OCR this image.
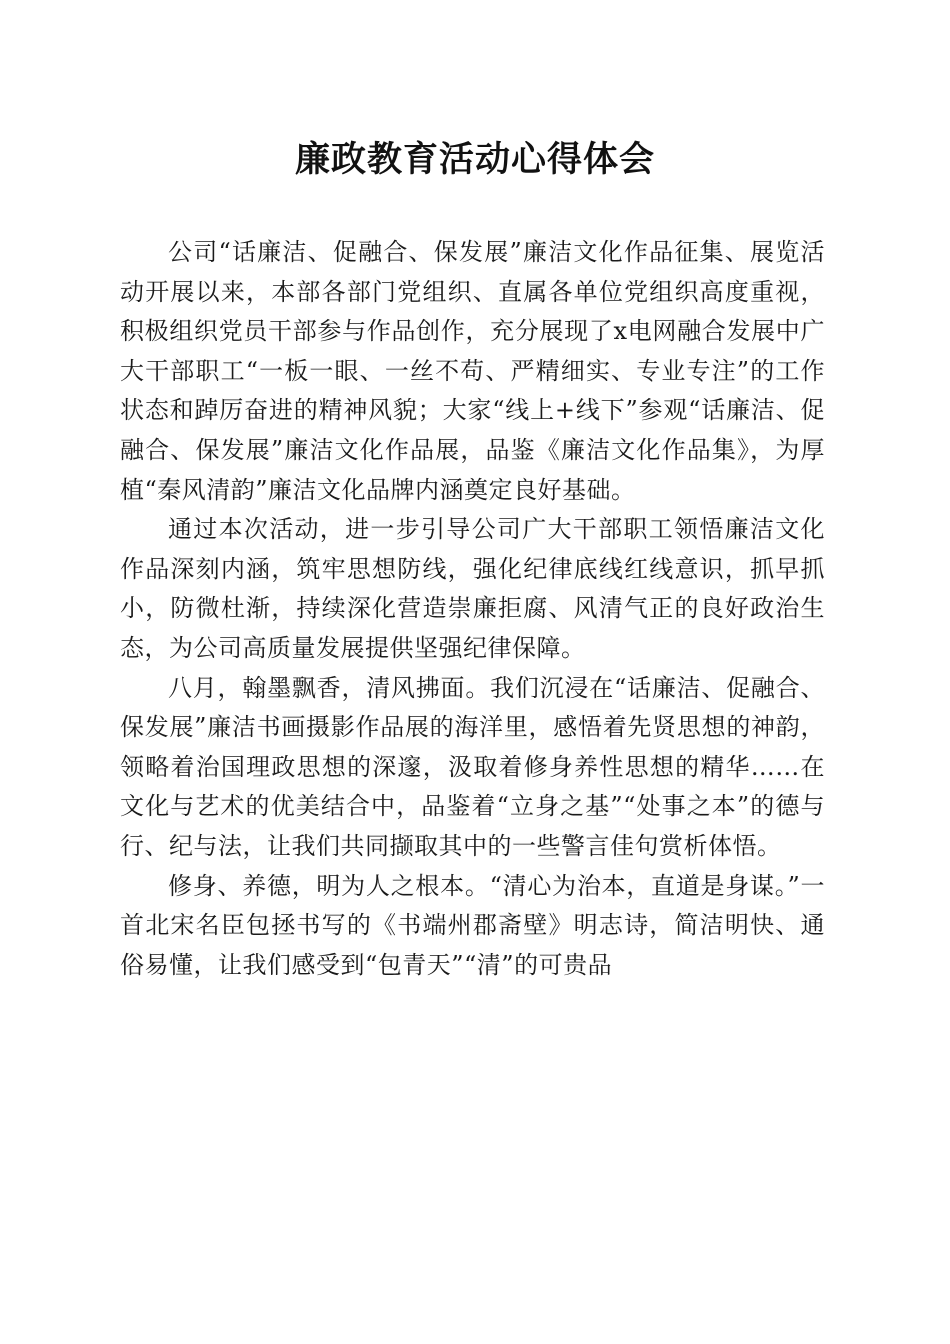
廉政教育活动心得体会

公司“话廉洁、促融合、保发展”廉洁文化作品征集、展览活动开展以来，本部各部门党组织、直属各单位党组织高度重视，积极组织党员干部参与作品创作，充分展现了x电网融合发展中广大干部职工“一板一眼、一丝不苟、严精细实、专业专注”的工作状态和踔厉奋进的精神风貌；大家“线上+线下”参观“话廉洁、促融合、保发展”廉洁文化作品展，品鉴《廉洁文化作品集》，为厚植“秦风清韵”廉洁文化品牌内涵奠定良好基础。

通过本次活动，进一步引导公司广大干部职工领悟廉洁文化作品深刻内涵，筑牢思想防线，强化纪律底线红线意识，抓早抓小，防微杜渐，持续深化营造崇廉拒腐、风清气正的良好政治生态，为公司高质量发展提供坚强纪律保障。

八月，翰墨飘香，清风拂面。我们沉浸在“话廉洁、促融合、保发展”廉洁书画摄影作品展的海洋里，感悟着先贤思想的神韵，领略着治国理政思想的深邃，汲取着修身养性思想的精华……在文化与艺术的优美结合中，品鉴着“立身之基”“处事之本”的德与行、纪与法，让我们共同撷取其中的一些警言佳句赏析体悟。

修身、养德，明为人之根本。“清心为治本，直道是身谋。”一首北宋名臣包拯书写的《书端州郡斋壁》明志诗，简洁明快、通俗易懂，让我们感受到“包青天”“清”的可贵品
